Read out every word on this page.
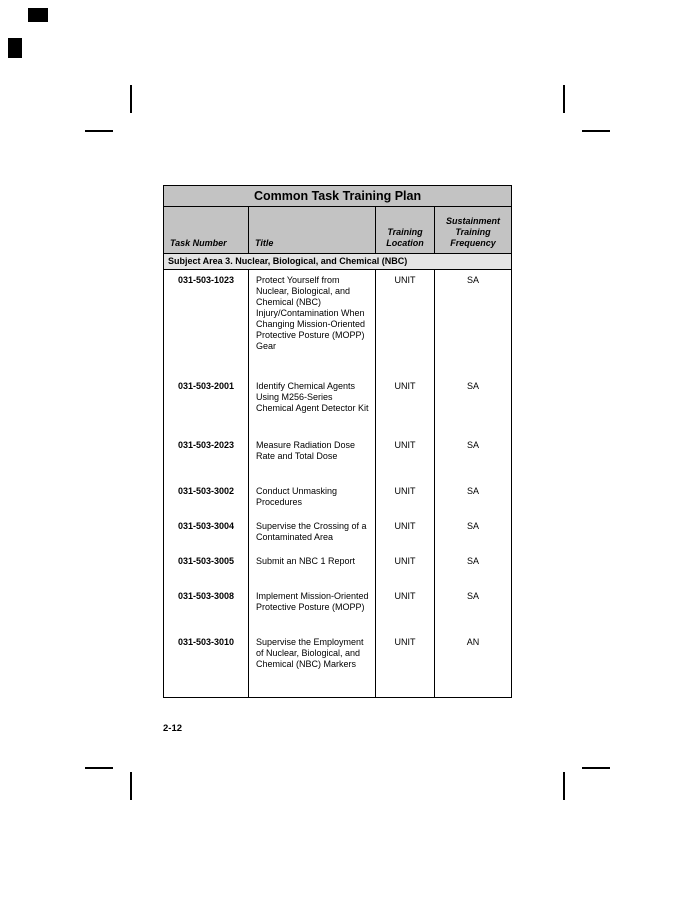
Common Task Training Plan			
Task Number	Title	Training Location	Sustainment Training Frequency
Subject Area 3. Nuclear, Biological, and Chemical (NBC)			
031-503-1023	Protect Yourself from Nuclear, Biological, and Chemical (NBC) Injury/Contamination When Changing Mission-Oriented Protective Posture (MOPP) Gear	UNIT	SA
031-503-2001	Identify Chemical Agents Using M256-Series Chemical Agent Detector Kit	UNIT	SA
031-503-2023	Measure Radiation Dose Rate and Total Dose	UNIT	SA
031-503-3002	Conduct Unmasking Procedures	UNIT	SA
031-503-3004	Supervise the Crossing of a Contaminated Area	UNIT	SA
031-503-3005	Submit an NBC 1 Report	UNIT	SA
031-503-3008	Implement Mission-Oriented Protective Posture (MOPP)	UNIT	SA
031-503-3010	Supervise the Employment of Nuclear, Biological, and Chemical (NBC) Markers	UNIT	AN
2-12
